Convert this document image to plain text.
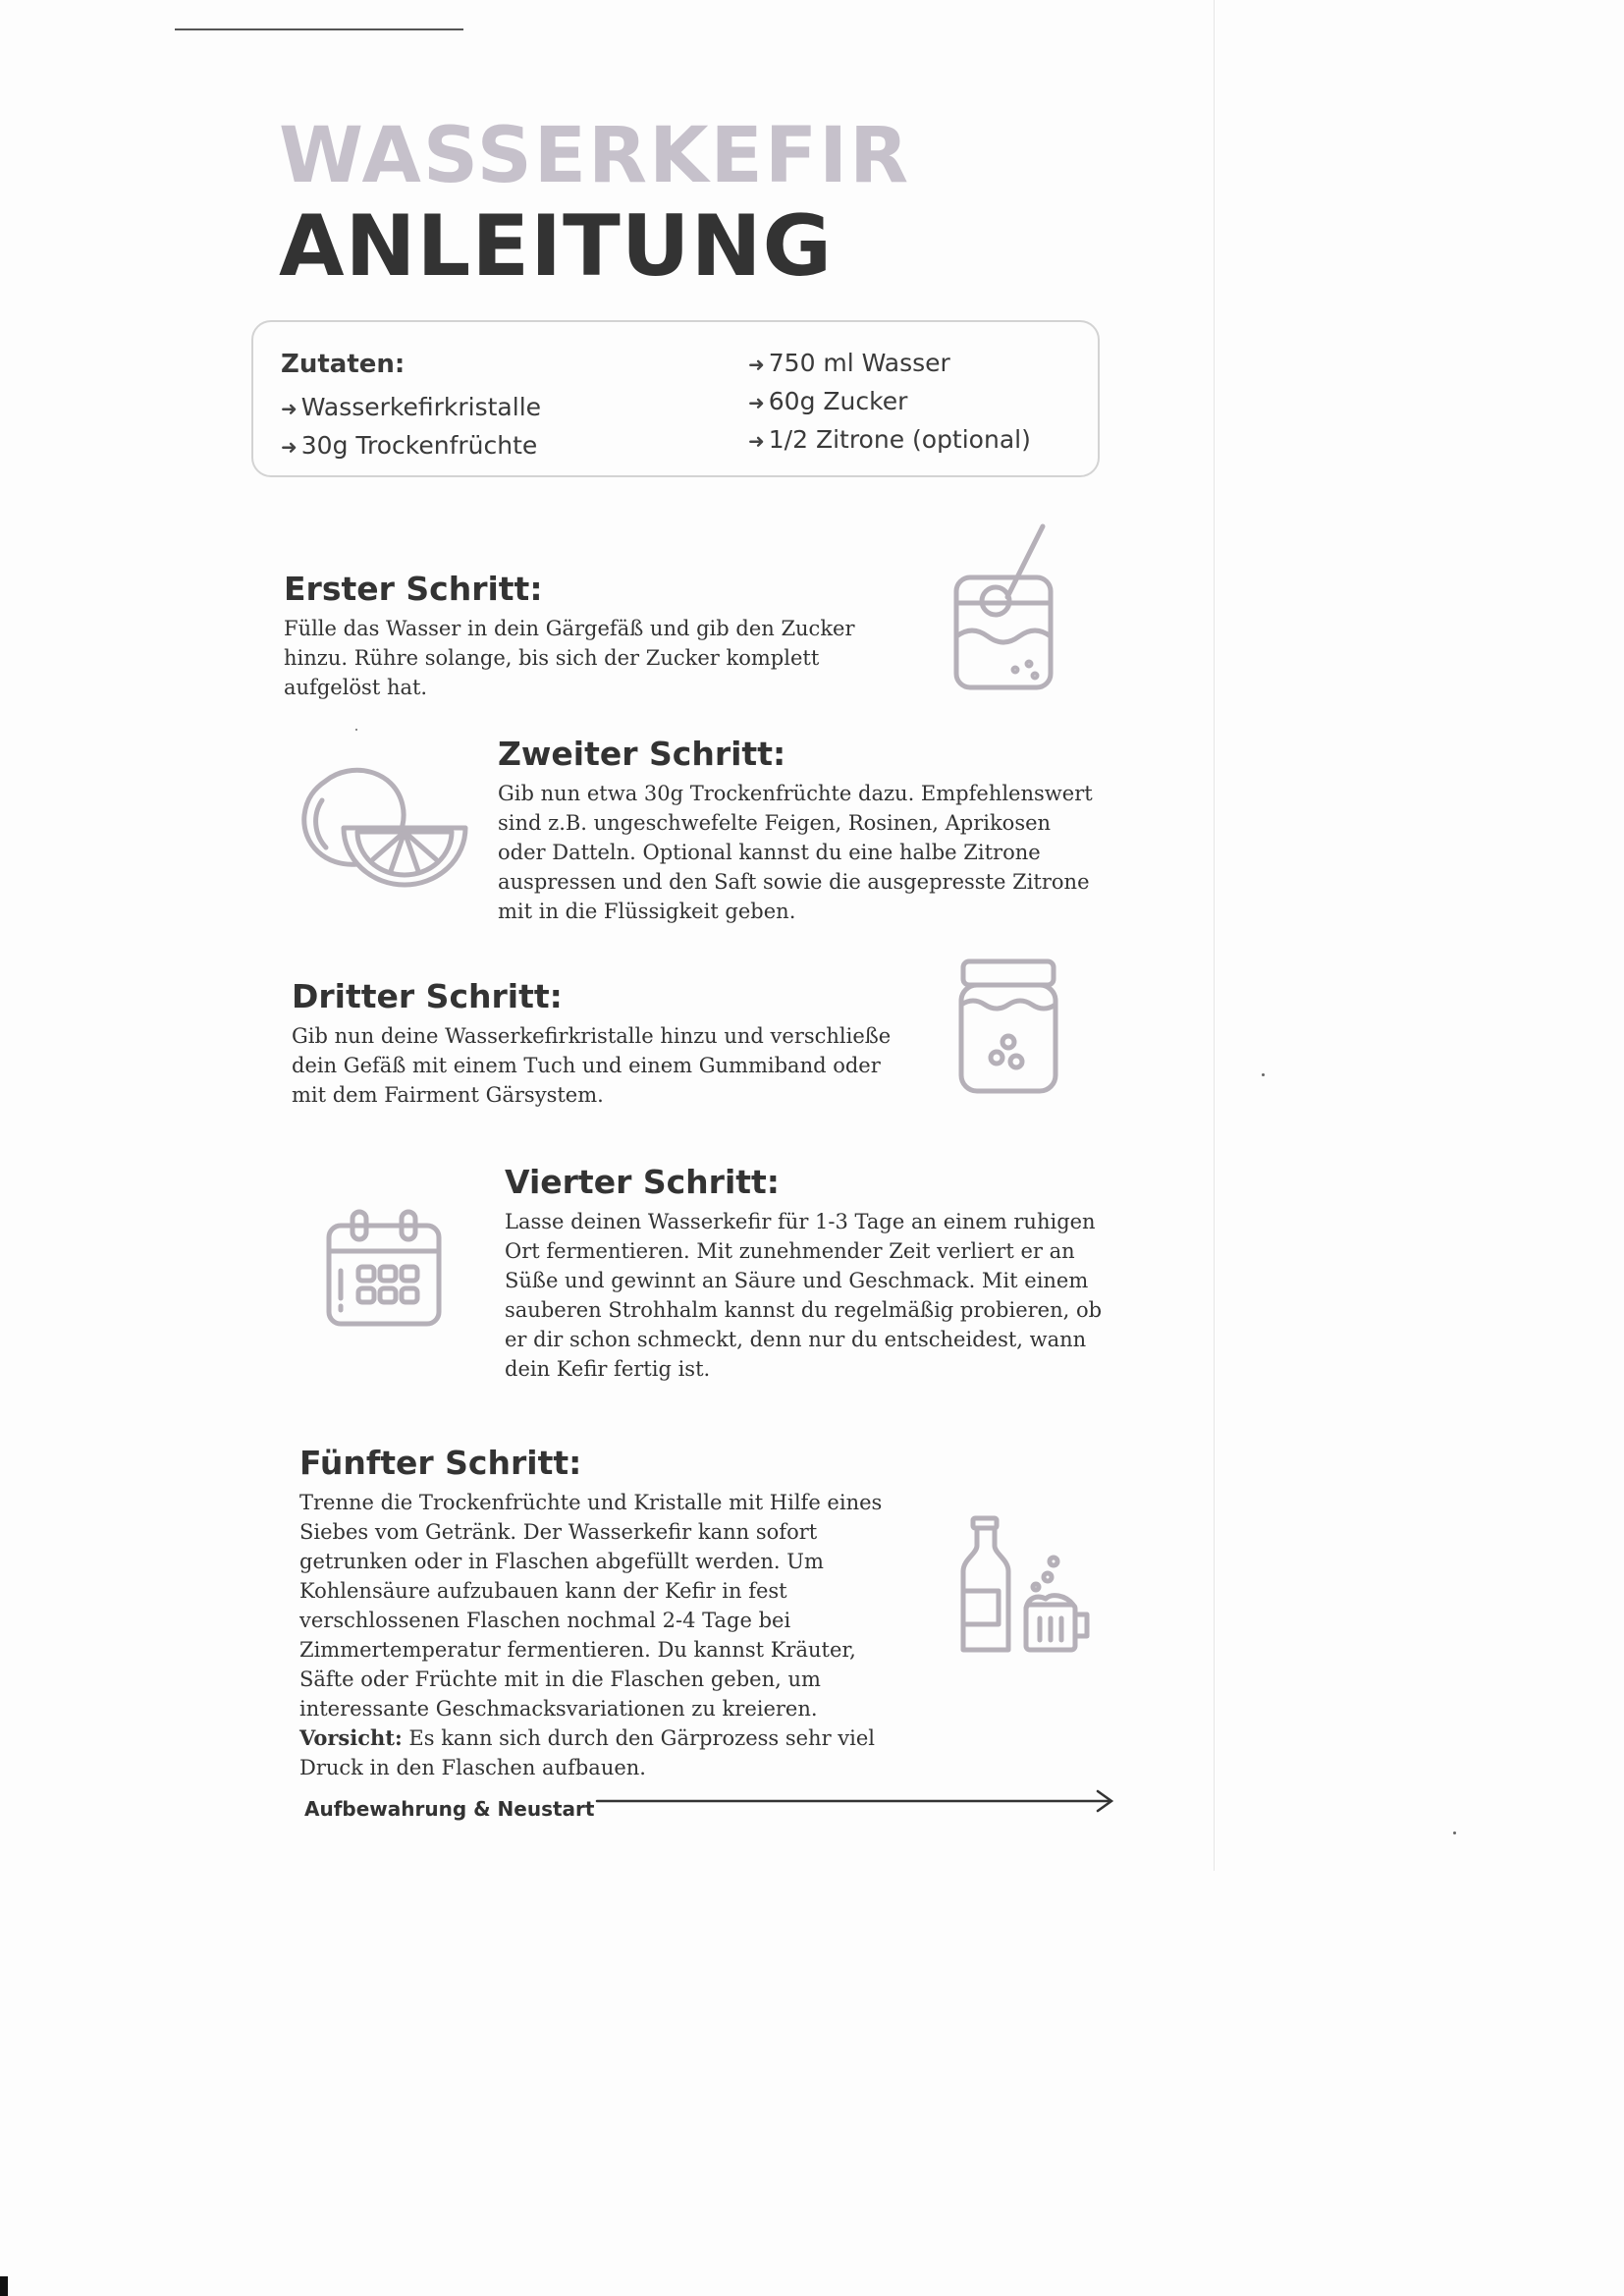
WASSERKEFIR
ANLEITUNG

Zutaten:

➜ Wasserkefirkristalle
➜ 30g Trockenfrüchte
➜ 750 ml Wasser
➜ 60g Zucker
➜ 1/2 Zitrone (optional)
Erster Schritt:

Fülle das Wasser in dein Gärgefäß und gib den Zucker hinzu. Rühre solange, bis sich der Zucker komplett aufgelöst hat.

Zweiter Schritt:

Gib nun etwa 30g Trockenfrüchte dazu. Empfehlenswert sind z.B. ungeschwefelte Feigen, Rosinen, Aprikosen oder Datteln. Optional kannst du eine halbe Zitrone auspressen und den Saft sowie die ausgepresste Zitrone mit in die Flüssigkeit geben.

Dritter Schritt:

Gib nun deine Wasserkefirkristalle hinzu und verschließe dein Gefäß mit einem Tuch und einem Gummiband oder mit dem Fairment Gärsystem.

Vierter Schritt:

Lasse deinen Wasserkefir für 1-3 Tage an einem ruhigen Ort fermentieren. Mit zunehmender Zeit verliert er an Süße und gewinnt an Säure und Geschmack. Mit einem sauberen Strohhalm kannst du regelmäßig probieren, ob er dir schon schmeckt, denn nur du entscheidest, wann dein Kefir fertig ist.

Fünfter Schritt:

Trenne die Trockenfrüchte und Kristalle mit Hilfe eines Siebes vom Getränk. Der Wasserkefir kann sofort getrunken oder in Flaschen abgefüllt werden. Um Kohlensäure aufzubauen kann der Kefir in fest verschlossenen Flaschen nochmal 2-4 Tage bei Zimmertemperatur fermentieren. Du kannst Kräuter, Säfte oder Früchte mit in die Flaschen geben, um interessante Geschmacksvariationen zu kreieren. Vorsicht: Es kann sich durch den Gärprozess sehr viel Druck in den Flaschen aufbauen.

Aufbewahrung & Neustart
